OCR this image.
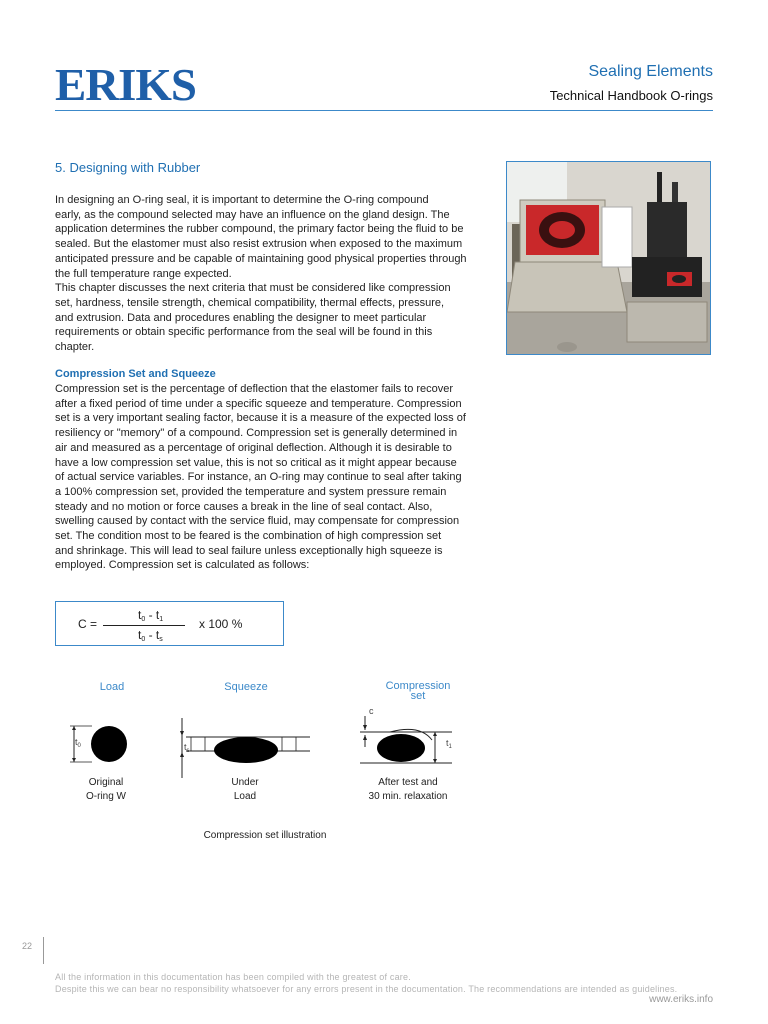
ERIKS	Sealing Elements
Technical Handbook O-rings
5. Designing with Rubber
In designing an O-ring seal, it is important to determine the O-ring compound
early, as the compound selected may have an influence on the gland design. The
application determines the rubber compound, the primary factor being the fluid to be
sealed. But the elastomer must also resist extrusion when exposed to the maximum
anticipated pressure and be capable of maintaining good physical properties through
the full temperature range expected.
This chapter discusses the next criteria that must be considered like compression
set, hardness, tensile strength, chemical compatibility, thermal effects, pressure,
and extrusion. Data and procedures enabling the designer to meet particular
requirements or obtain specific performance from the seal will be found in this
chapter.
Compression Set and Squeeze
Compression set is the percentage of deflection that the elastomer fails to recover
after a fixed period of time under a specific squeeze and temperature. Compression
set is a very important sealing factor, because it is a measure of the expected loss of
resiliency or "memory" of a compound. Compression set is generally determined in
air and measured as a percentage of original deflection. Although it is desirable to
have a low compression set value, this is not so critical as it might appear because
of actual service variables. For instance, an O-ring may continue to seal after taking
a 100% compression set, provided the temperature and system pressure remain
steady and no motion or force causes a break in the line of seal contact. Also,
swelling caused by contact with the service fluid, may compensate for compression
set. The condition most to be feared is the combination of high compression set
and shrinkage. This will lead to seal failure unless exceptionally high squeeze is
employed. Compression set is calculated as follows:
C =
$t_0 - t_1$
$t_0 - t_s$
x 100 %
Load	Squeeze	Compression
set
$t_0$	$t_s$
$t_1$
c
Original
O-ring W
Under
Load
After test and
30 min. relaxation
Compression set illustration
22
All the information in this documentation has been compiled with the greatest of care.
Despite this we can bear no responsibility whatsoever for any errors present in the documentation. The recommendations are intended as guidelines.
www.eriks.info
